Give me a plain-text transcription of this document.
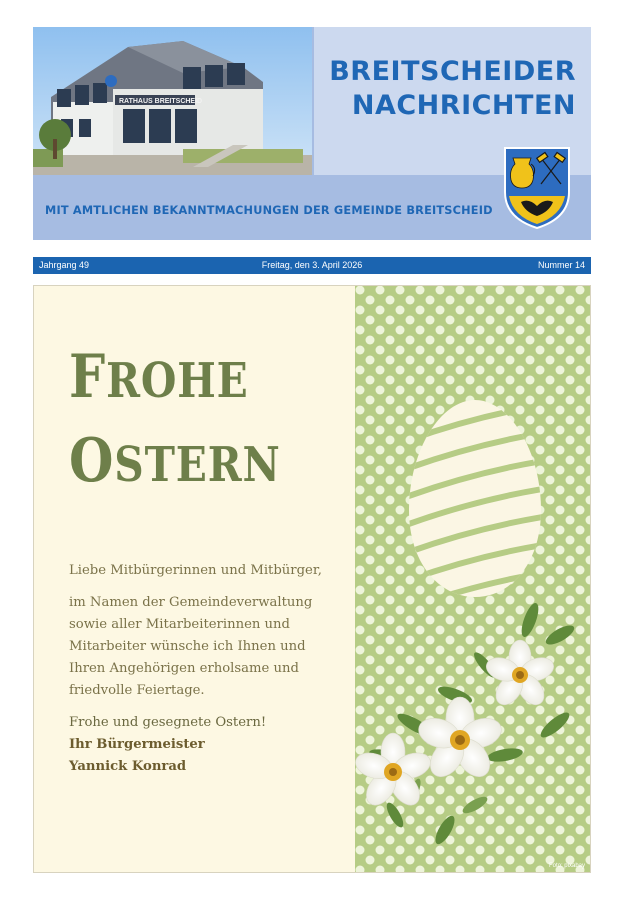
RATHAUS BREITSCHEID
BREITSCHEIDER
NACHRICHTEN
MIT AMTLICHEN BEKANNTMACHUNGEN DER GEMEINDE BREITSCHEID
Freitag, den 3. April 2026
Jahrgang 49	Nummer 14
FROHE
OSTERN

Liebe Mitbürgerinnen und Mitbürger,

im Namen der Gemeindeverwaltung
sowie aller Mitarbeiterinnen und
Mitarbeiter wünsche ich Ihnen und
Ihren Angehörigen erholsame und
friedvolle Feiertage.

Frohe und gesegnete Ostern!
Ihr Bürgermeister
Yannick Konrad

Foto: pixabay
